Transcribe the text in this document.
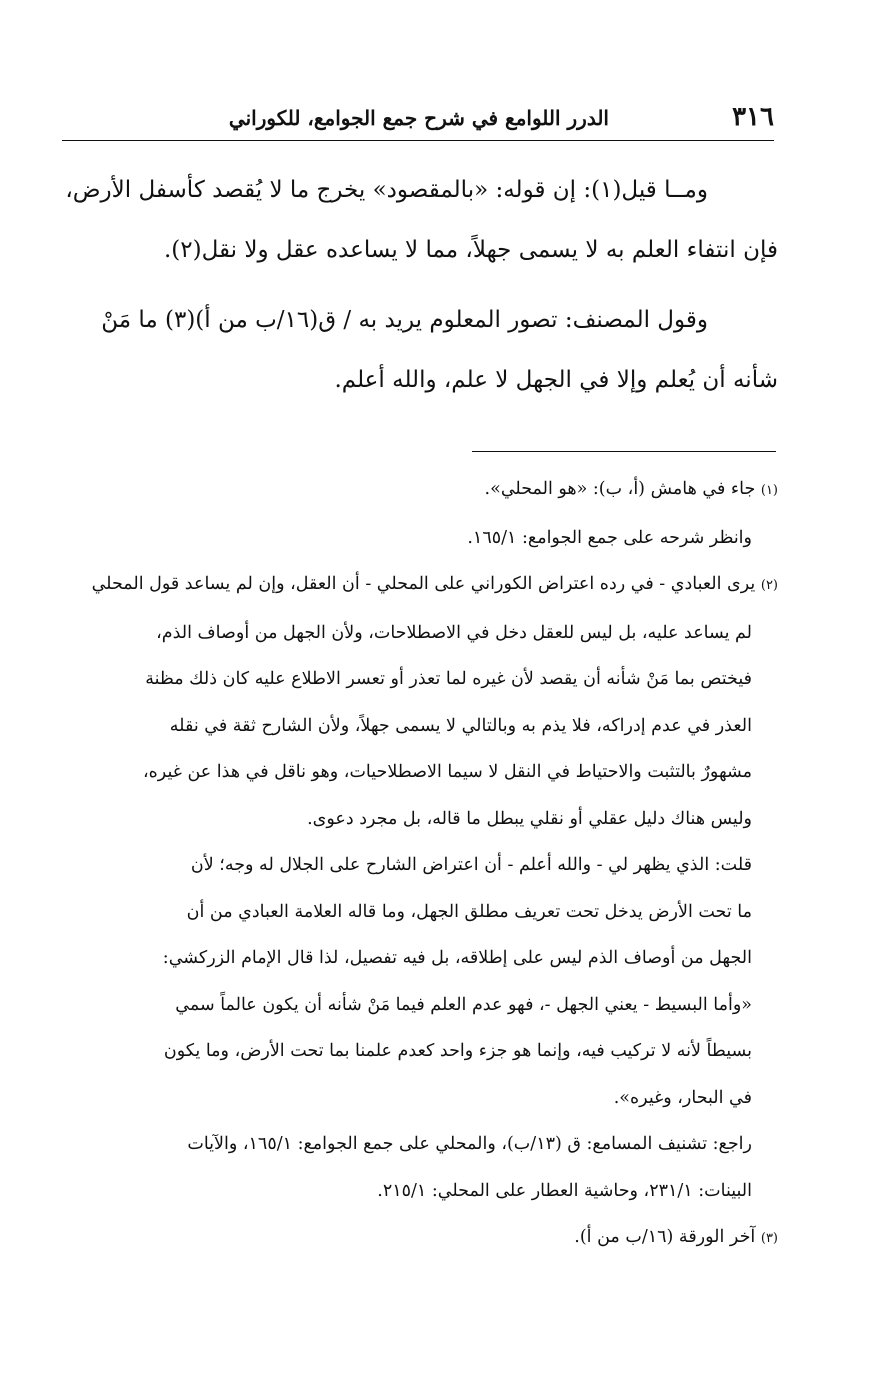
٣١٦
الدرر اللوامع في شرح جمع الجوامع، للكوراني

ومــا قيل(١): إن قوله: «بالمقصود» يخرج ما لا يُقصد كأسفل الأرض،

فإن انتفاء العلم به لا يسمى جهلاً، مما لا يساعده عقل ولا نقل(٢).

وقول المصنف: تصور المعلوم يريد به / ق(١٦/ب من أ)(٣) ما مَنْ

شأنه أن يُعلم وإلا في الجهل لا علم، والله أعلم.

(١) جاء في هامش (أ، ب): «هو المحلي».

وانظر شرحه على جمع الجوامع: ١٦٥/١.

(٢) يرى العبادي - في رده اعتراض الكوراني على المحلي - أن العقل، وإن لم يساعد قول المحلي

لم يساعد عليه، بل ليس للعقل دخل في الاصطلاحات، ولأن الجهل من أوصاف الذم،

فيختص بما مَنْ شأنه أن يقصد لأن غيره لما تعذر أو تعسر الاطلاع عليه كان ذلك مظنة

العذر في عدم إدراكه، فلا يذم به وبالتالي لا يسمى جهلاً، ولأن الشارح ثقة في نقله

مشهورٌ بالتثبت والاحتياط في النقل لا سيما الاصطلاحيات، وهو ناقل في هذا عن غيره،

وليس هناك دليل عقلي أو نقلي يبطل ما قاله، بل مجرد دعوى.

قلت: الذي يظهر لي - والله أعلم - أن اعتراض الشارح على الجلال له وجه؛ لأن

ما تحت الأرض يدخل تحت تعريف مطلق الجهل، وما قاله العلامة العبادي من أن

الجهل من أوصاف الذم ليس على إطلاقه، بل فيه تفصيل، لذا قال الإمام الزركشي:

«وأما البسيط - يعني الجهل -، فهو عدم العلم فيما مَنْ شأنه أن يكون عالماً سمي

بسيطاً لأنه لا تركيب فيه، وإنما هو جزء واحد كعدم علمنا بما تحت الأرض، وما يكون

في البحار، وغيره».

راجع: تشنيف المسامع: ق (١٣/ب)، والمحلي على جمع الجوامع: ١٦٥/١، والآيات

البينات: ٢٣١/١، وحاشية العطار على المحلي: ٢١٥/١.

(٣) آخر الورقة (١٦/ب من أ).
